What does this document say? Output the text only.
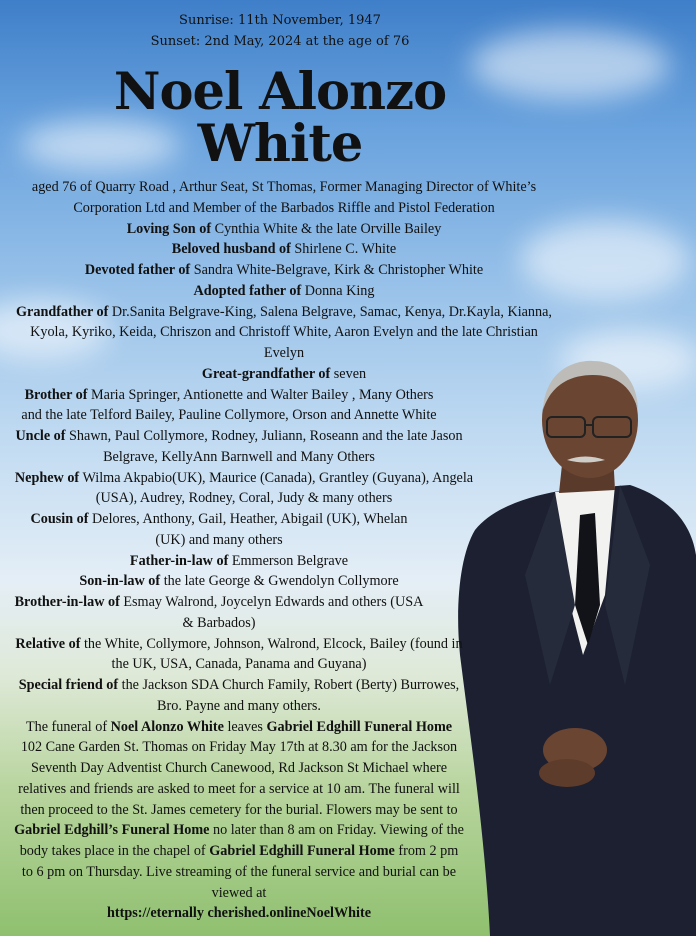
Sunrise: 11th November, 1947
Sunset: 2nd May, 2024 at the age of 76
Noel Alonzo
White

aged 76 of Quarry Road , Arthur Seat, St Thomas, Former Managing Director of White’s Corporation Ltd and Member of the Barbados Riffle and Pistol Federation

Loving Son of Cynthia White & the late Orville Bailey

Beloved husband of Shirlene C. White

Devoted father of Sandra White-Belgrave, Kirk & Christopher White

Adopted father of Donna King

Grandfather of Dr.Sanita Belgrave-King, Salena Belgrave, Samac, Kenya, Dr.Kayla, Kianna, Kyola, Kyriko, Keida, Chriszon and Christoff White, Aaron Evelyn and the late Christian Evelyn

Great-grandfather of seven

Brother of Maria Springer, Antionette and Walter Bailey , Many Others and the late Telford Bailey, Pauline Collymore, Orson and Annette White

Uncle of Shawn, Paul Collymore, Rodney, Juliann, Roseann and the late Jason Belgrave, KellyAnn Barnwell and Many Others

Nephew of Wilma Akpabio(UK), Maurice (Canada), Grantley (Guyana), Angela (USA), Audrey, Rodney, Coral, Judy & many others

Cousin of Delores, Anthony, Gail, Heather, Abigail (UK), Whelan (UK) and many others

Father-in-law of Emmerson Belgrave

Son-in-law of the late George & Gwendolyn Collymore

Brother-in-law of Esmay Walrond, Joycelyn Edwards and others (USA & Barbados)

Relative of the White, Collymore, Johnson, Walrond, Elcock, Bailey (found in the UK, USA, Canada, Panama and Guyana)

Special friend of the Jackson SDA Church Family, Robert (Berty) Burrowes, Bro. Payne and many others.

The funeral of Noel Alonzo White leaves Gabriel Edghill Funeral Home 102 Cane Garden St. Thomas on Friday May 17th at 8.30 am for the Jackson Seventh Day Adventist Church Canewood, Rd Jackson St Michael where relatives and friends are asked to meet for a service at 10 am. The funeral will then proceed to the St. James cemetery for the burial. Flowers may be sent to Gabriel Edghill’s Funeral Home no later than 8 am on Friday. Viewing of the body takes place in the chapel of Gabriel Edghill Funeral Home from 2 pm to 6 pm on Thursday. Live streaming of the funeral service and burial can be viewed at

https://eternally cherished.onlineNoelWhite
